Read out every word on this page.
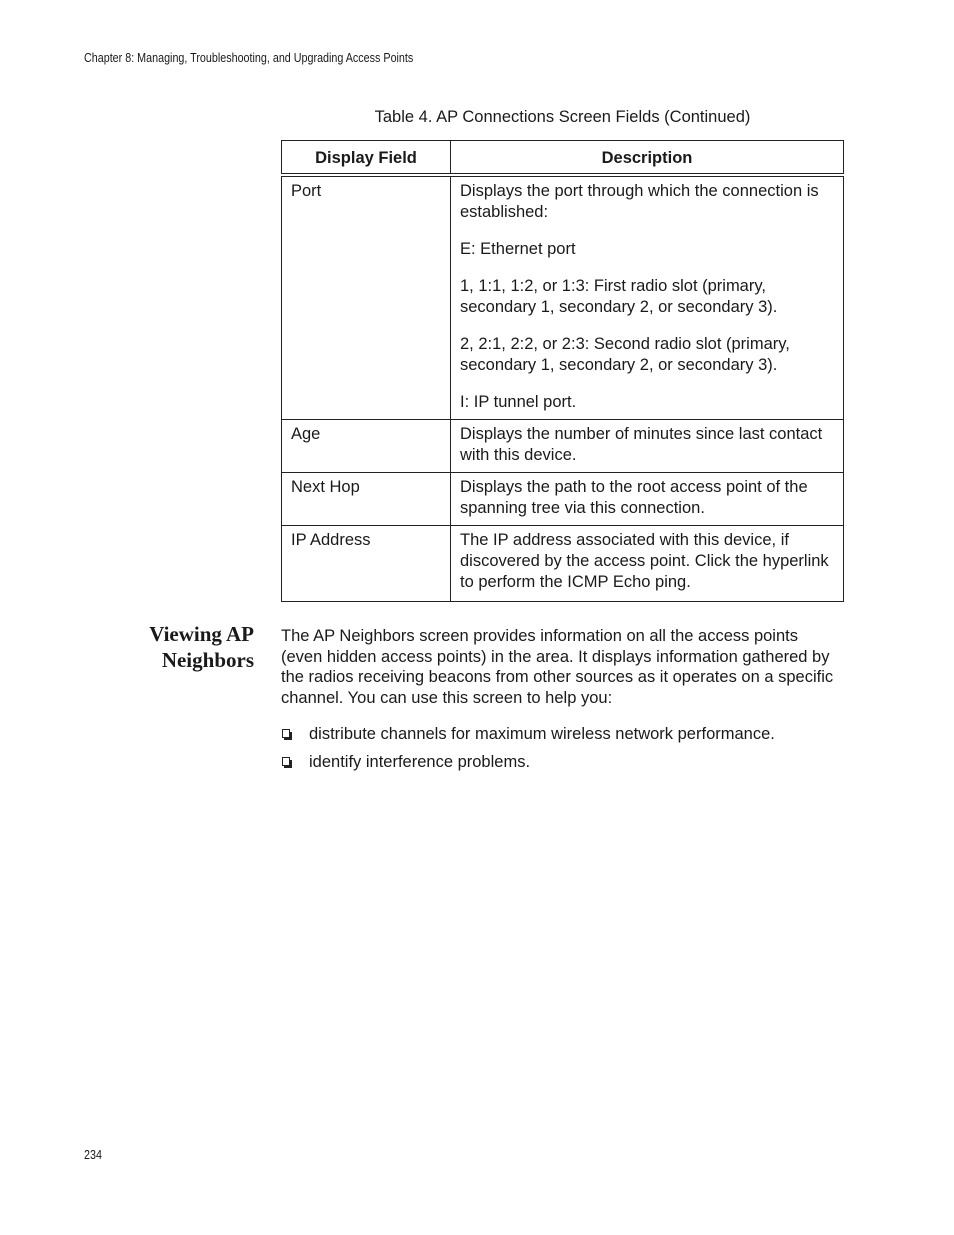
Chapter 8: Managing, Troubleshooting, and Upgrading Access Points
Table 4. AP Connections Screen Fields (Continued)
Display Field	Description
Port	Displays the port through which the connection is established:

E: Ethernet port

1, 1:1, 1:2, or 1:3: First radio slot (primary, secondary 1, secondary 2, or secondary 3).

2, 2:1, 2:2, or 2:3: Second radio slot (primary, secondary 1, secondary 2, or secondary 3).

I: IP tunnel port.

Age	Displays the number of minutes since last contact with this device.

Next Hop	Displays the path to the root access point of the spanning tree via this connection.

IP Address	The IP address associated with this device, if discovered by the access point. Click the hyperlink to perform the ICMP Echo ping.

Viewing AP
Neighbors

The AP Neighbors screen provides information on all the access points (even hidden access points) in the area. It displays information gathered by the radios receiving beacons from other sources as it operates on a specific channel. You can use this screen to help you:

distribute channels for maximum wireless network performance.
identify interference problems.
234
